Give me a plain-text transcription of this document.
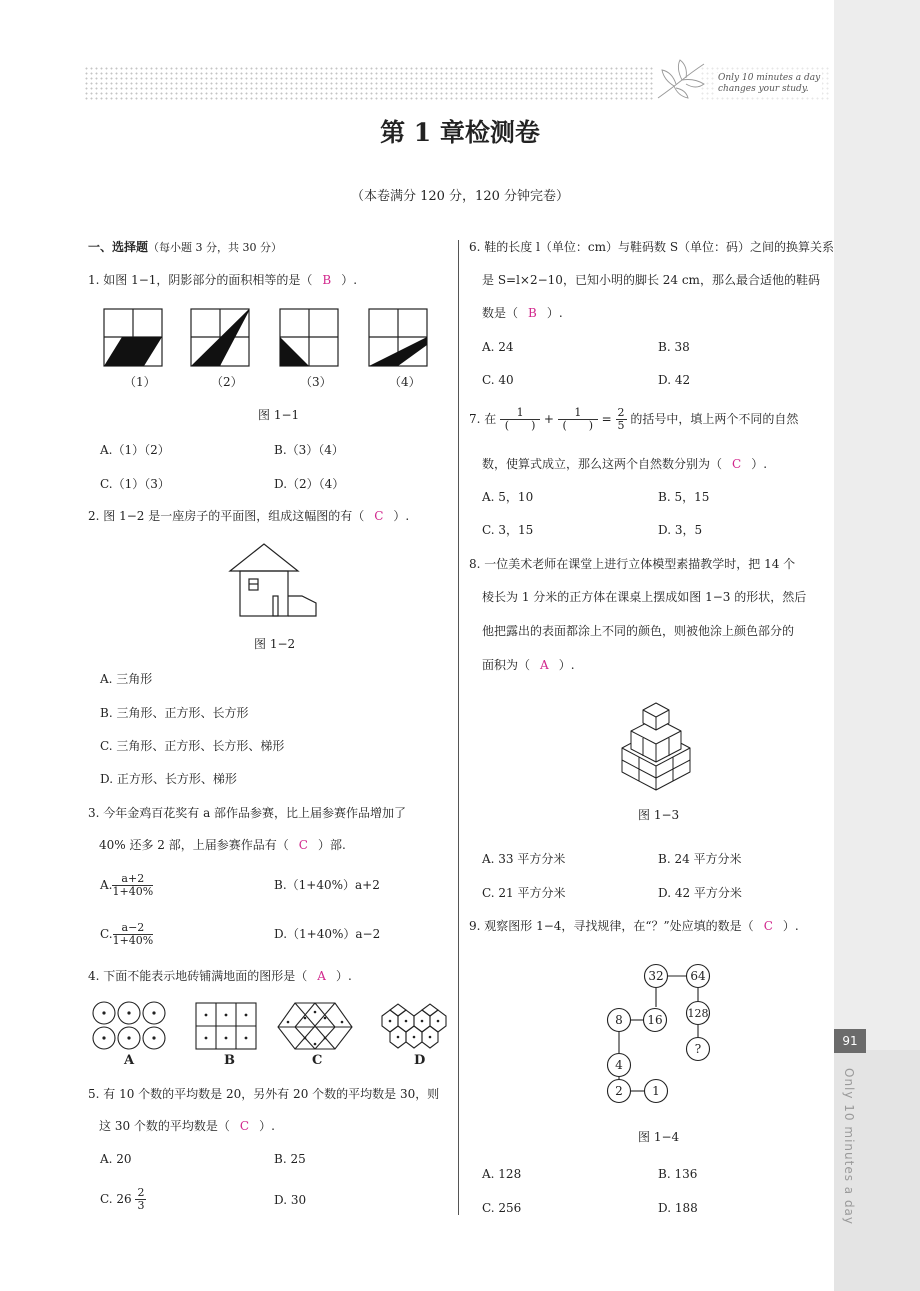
91
Only 10 minutes a day
Only 10 minutes a day
changes your study.
第 1 章检测卷
（本卷满分 120 分，120 分钟完卷）
一、选择题（每小题 3 分，共 30 分）
1. 如图 1−1，阴影部分的面积相等的是（ B ）.
（1）	（2）	（3）	（4）
图 1−1
A.（1）（2）	B.（3）（4）
C.（1）（3）	D.（2）（4）
2. 图 1−2 是一座房子的平面图，组成这幅图的有（ C ）.
图 1−2
A. 三角形
B. 三角形、正方形、长方形
C. 三角形、正方形、长方形、梯形
D. 正方形、长方形、梯形
3. 今年金鸡百花奖有 a 部作品参赛，比上届参赛作品增加了
40% 还多 2 部，上届参赛作品有（ C ）部.
A. $\frac{a+2}{1+40\%}$	B.（1+40%）a+2
C. $\frac{a-2}{1+40\%}$	D.（1+40%）a−2
4. 下面不能表示地砖铺满地面的图形是（ A ）.
A	B	C	D
5. 有 10 个数的平均数是 20，另外有 20 个数的平均数是 30，则
这 30 个数的平均数是（ C ）.
A. 20	B. 25
C. $26 \frac{2}{3}$	D. 30
6. 鞋的长度 l（单位：cm）与鞋码数 S（单位：码）之间的换算关系
是 S=l×2−10，已知小明的脚长 24 cm，那么最合适他的鞋码
数是（ B ）.
A. 24	B. 38
C. 40	D. 42
7. 在 $\frac{1}{( )} + \frac{1}{( )} = \frac{2}{5}$ 的括号中，填上两个不同的自然
数，使算式成立，那么这两个自然数分别为（ C ）.
A. 5，10	B. 5，15
C. 3，15	D. 3，5
8. 一位美术老师在课堂上进行立体模型素描教学时，把 14 个
棱长为 1 分米的正方体在课桌上摆成如图 1−3 的形状，然后
他把露出的表面都涂上不同的颜色，则被他涂上颜色部分的
面积为（ A ）.
图 1−3
A. 33 平方分米	B. 24 平方分米
C. 21 平方分米	D. 42 平方分米
9. 观察图形 1−4，寻找规律，在“？”处应填的数是（ C ）.
32 64
128
?
8 16
4
2 1
图 1−4
A. 128	B. 136
C. 256	D. 188
